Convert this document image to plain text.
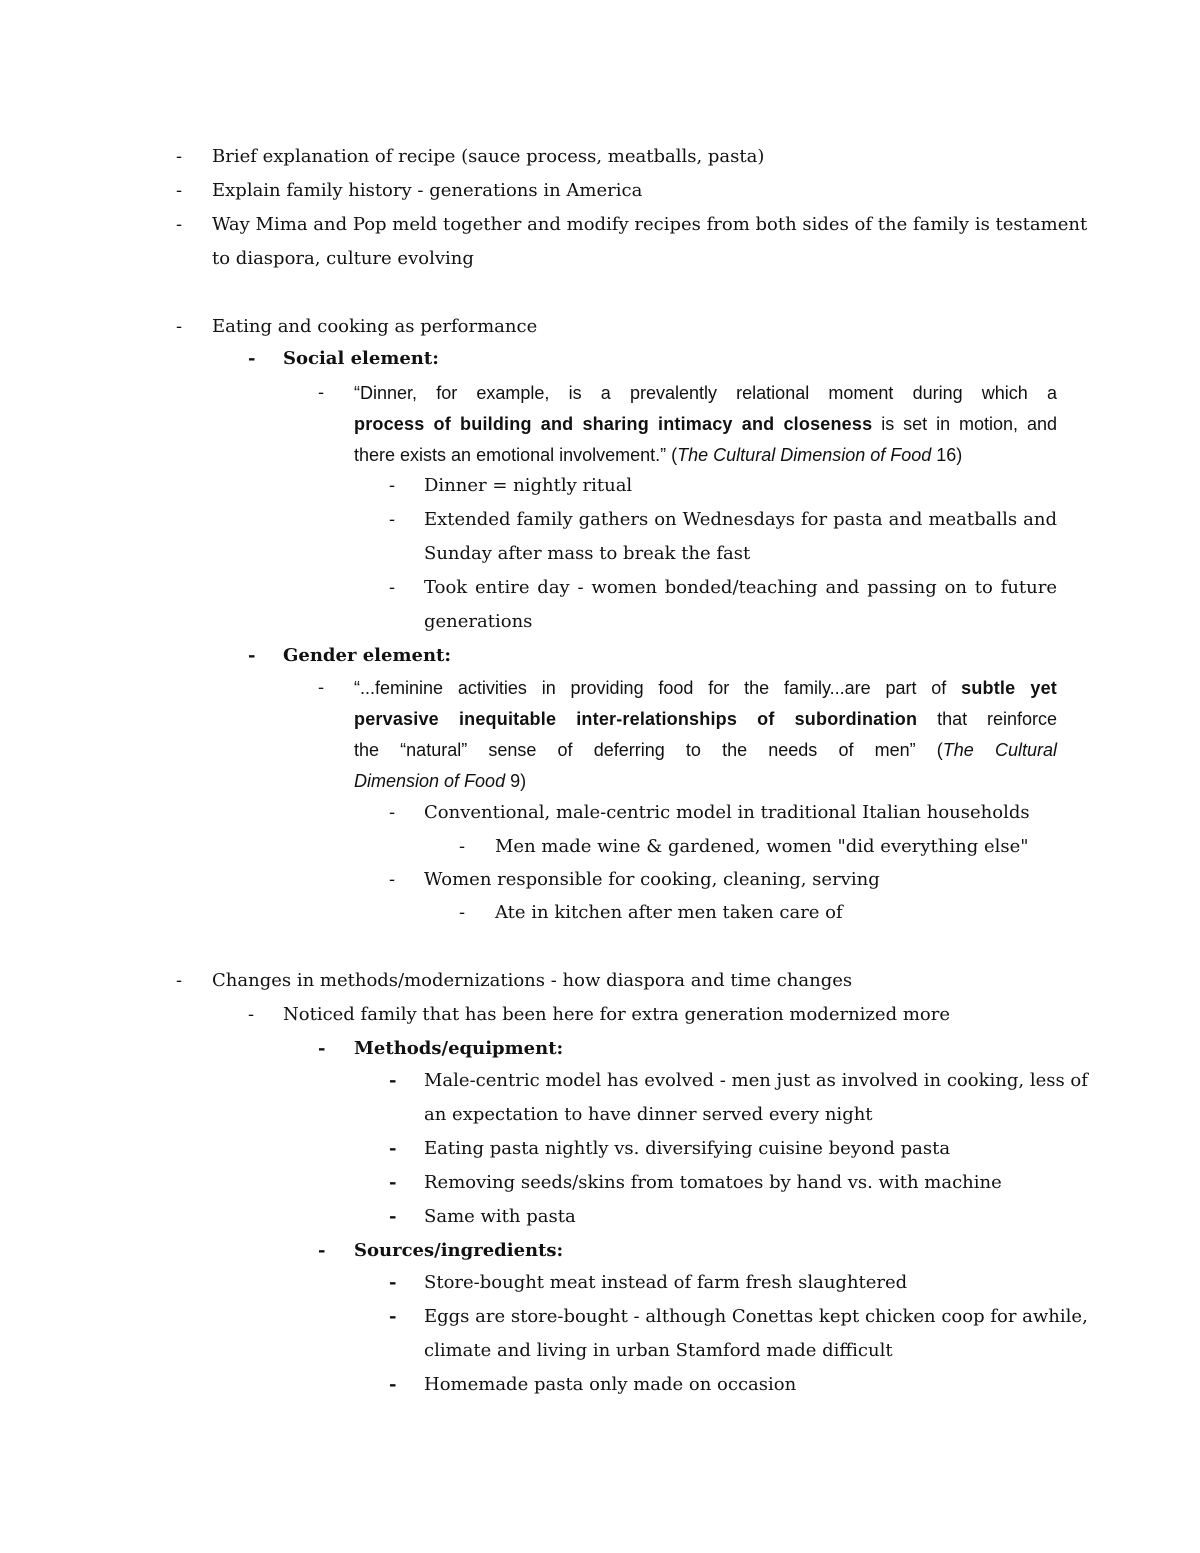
- Brief explanation of recipe (sauce process, meatballs, pasta)
- Explain family history - generations in America
- Way Mima and Pop meld together and modify recipes from both sides of the family is testament
to diaspora, culture evolving
- Eating and cooking as performance
- Social element:
- “Dinner, for example, is a prevalently relational moment during which a
process of building and sharing intimacy and closeness is set in motion, and
there exists an emotional involvement.” (The Cultural Dimension of Food 16)
- Dinner = nightly ritual
- Extended family gathers on Wednesdays for pasta and meatballs and
Sunday after mass to break the fast
- Took entire day - women bonded/teaching and passing on to future
generations
- Gender element:
- “...feminine activities in providing food for the family...are part of subtle yet
pervasive inequitable inter-relationships of subordination that reinforce
the “natural” sense of deferring to the needs of men” (The Cultural
Dimension of Food 9)
- Conventional, male-centric model in traditional Italian households
- Men made wine & gardened, women "did everything else"
- Women responsible for cooking, cleaning, serving
- Ate in kitchen after men taken care of
- Changes in methods/modernizations - how diaspora and time changes
- Noticed family that has been here for extra generation modernized more
- Methods/equipment:
- Male-centric model has evolved - men just as involved in cooking, less of
an expectation to have dinner served every night
- Eating pasta nightly vs. diversifying cuisine beyond pasta
- Removing seeds/skins from tomatoes by hand vs. with machine
- Same with pasta
- Sources/ingredients:
- Store-bought meat instead of farm fresh slaughtered
- Eggs are store-bought - although Conettas kept chicken coop for awhile,
climate and living in urban Stamford made difficult
- Homemade pasta only made on occasion
